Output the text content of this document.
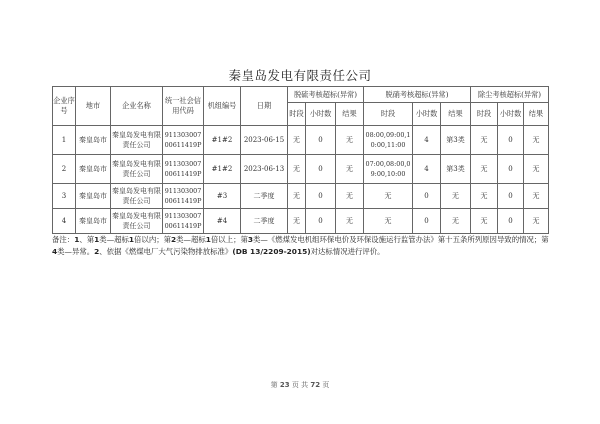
秦皇岛发电有限责任公司
企业序号	地市	企业名称	统一社会信用代码	机组编号	日期	脱硫考核超标(异常)			脱硝考核超标(异常)			除尘考核超标(异常)		
						时段	小时数	结果	时段	小时数	结果	时段	小时数	结果
1	秦皇岛市	秦皇岛发电有限责任公司	91130300700611419P	#1#2	2023-06-15	无	0	无	08:00,09:00,10:00,11:00	4	第3类	无	0	无
2	秦皇岛市	秦皇岛发电有限责任公司	91130300700611419P	#1#2	2023-06-13	无	0	无	07:00,08:00,09:00,10:00	4	第3类	无	0	无
3	秦皇岛市	秦皇岛发电有限责任公司	91130300700611419P	#3	二季度	无	0	无	无	0	无	无	0	无
4	秦皇岛市	秦皇岛发电有限责任公司	91130300700611419P	#4	二季度	无	0	无	无	0	无	无	0	无
备注：1、第1类—超标1倍以内；第2类—超标1倍以上；第3类—《燃煤发电机组环保电价及环保设施运行监管办法》第十五条所列原因导致的情况；第4类—异常。2、依据《燃煤电厂大气污染物排放标准》(DB 13/2209-2015)对达标情况进行评价。
第 23 页 共 72 页
